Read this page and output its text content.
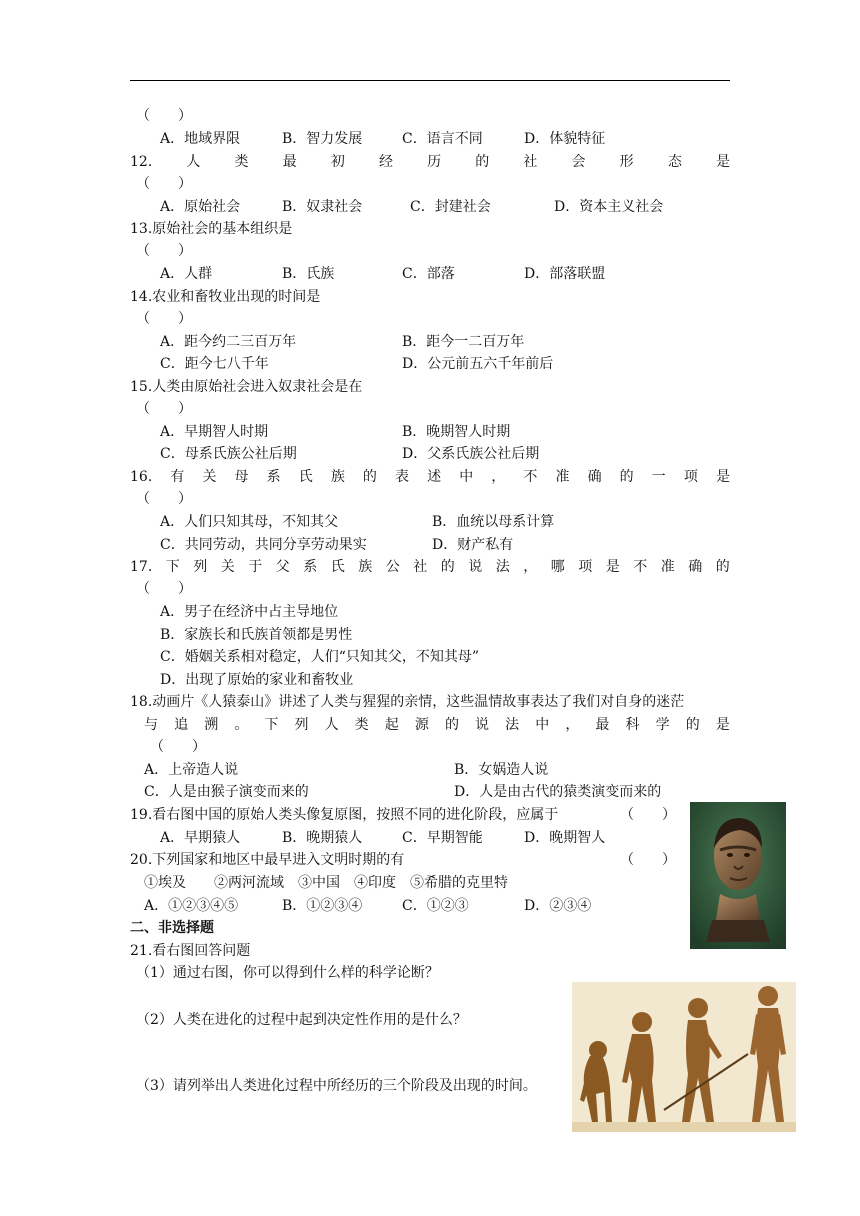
（　　）
A．地域界限	B．智力发展	C．语言不同	D．体貌特征
12. 人 类 最 初 经 历 的 社 会 形 态 是
（　　）
A．原始社会	B．奴隶社会	C．封建社会	D．资本主义社会
13.原始社会的基本组织是
（　　）
A．人群	B．氏族	C．部落	D．部落联盟
14.农业和畜牧业出现的时间是
（　　）
A．距今约二三百万年	B．距今一二百万年
C．距今七八千年	D．公元前五六千年前后
15.人类由原始社会进入奴隶社会是在
（　　）
A．早期智人时期	B．晚期智人时期
C．母系氏族公社后期	D．父系氏族公社后期
16. 有 关 母 系 氏 族 的 表 述 中 ， 不 准 确 的 一 项 是
（　　）
A．人们只知其母，不知其父	B．血统以母系计算
C．共同劳动，共同分享劳动果实	D．财产私有
17. 下 列 关 于 父 系 氏 族 公 社 的 说 法 ， 哪 项 是 不 准 确 的
（　　）
A．男子在经济中占主导地位
B．家族长和氏族首领都是男性
C．婚姻关系相对稳定，人们“只知其父，不知其母”
D．出现了原始的家业和畜牧业
18.动画片《人猿泰山》讲述了人类与猩猩的亲情，这些温情故事表达了我们对自身的迷茫
与 追 溯 。 下 列 人 类 起 源 的 说 法 中 ， 最 科 学 的 是
（　　）
A．上帝造人说	B．女娲造人说
C．人是由猴子演变而来的	D．人是由古代的猿类演变而来的
19.看右图中国的原始人类头像复原图，按照不同的进化阶段，应属于	（　　）
A．早期猿人	B．晚期猿人	C．早期智能	D．晚期智人
20.下列国家和地区中最早进入文明时期的有	（　　）
①埃及　　②两河流域　③中国　④印度　⑤希腊的克里特
A．①②③④⑤	B．①②③④	C．①②③	D．②③④
二、非选择题
21.看右图回答问题
（1）通过右图，你可以得到什么样的科学论断？
（2）人类在进化的过程中起到决定性作用的是什么？
（3）请列举出人类进化过程中所经历的三个阶段及出现的时间。
